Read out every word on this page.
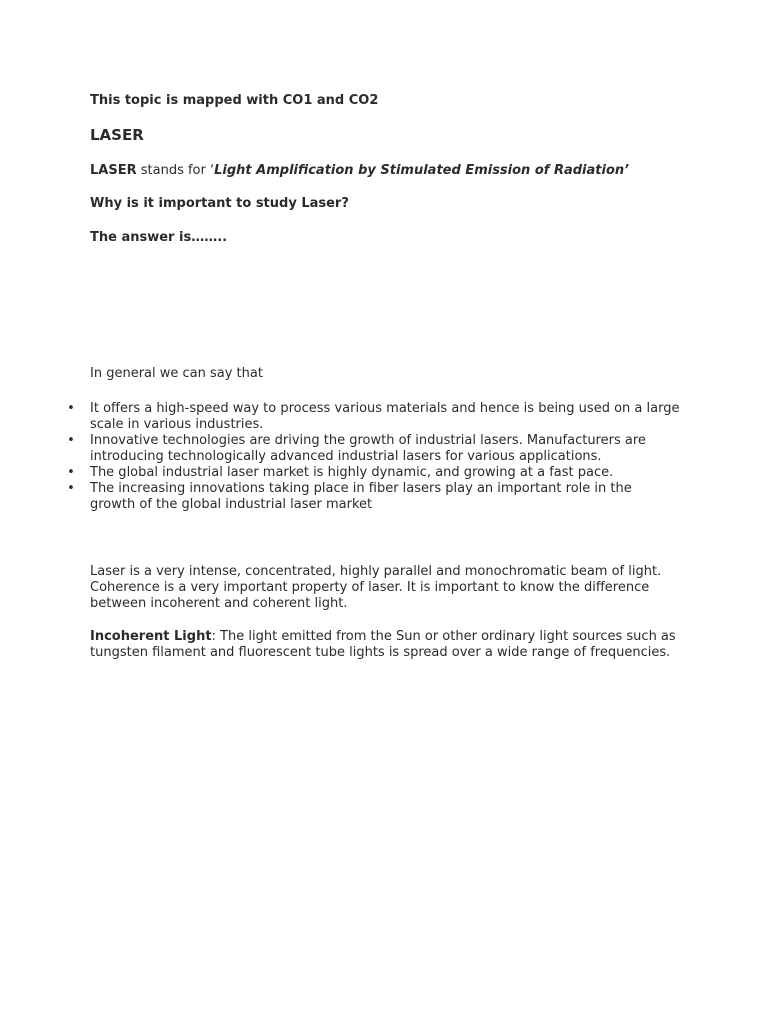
This topic is mapped with CO1 and CO2

LASER

LASER stands for ‘Light Amplification by Stimulated Emission of Radiation’

Why is it important to study Laser?

The answer is……..

In general we can say that

• It offers a high-speed way to process various materials and hence is being used on a large scale in various industries.
• Innovative technologies are driving the growth of industrial lasers. Manufacturers are introducing technologically advanced industrial lasers for various applications.
• The global industrial laser market is highly dynamic, and growing at a fast pace.
• The increasing innovations taking place in fiber lasers play an important role in the growth of the global industrial laser market

Laser is a very intense, concentrated, highly parallel and monochromatic beam of light. Coherence is a very important property of laser. It is important to know the difference between incoherent and coherent light.

Incoherent Light: The light emitted from the Sun or other ordinary light sources such as tungsten filament and fluorescent tube lights is spread over a wide range of frequencies.
